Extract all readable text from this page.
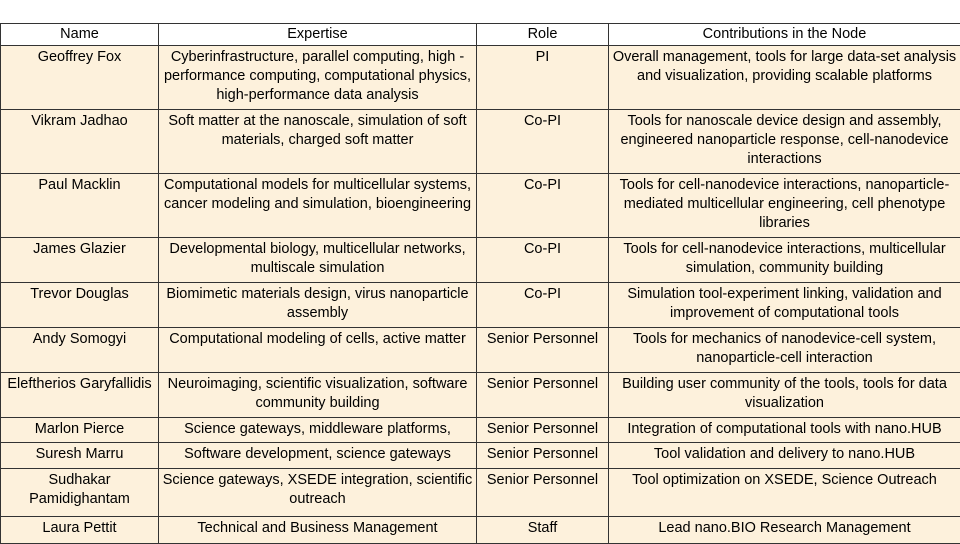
Name	Expertise	Role	Contributions in the Node
Geoffrey Fox	Cyberinfrastructure, parallel computing, high -performance computing, computational physics, high-performance data analysis	PI	Overall management, tools for large data-set analysis and visualization, providing scalable platforms
Vikram Jadhao	Soft matter at the nanoscale, simulation of soft materials, charged soft matter	Co-PI	Tools for nanoscale device design and assembly, engineered nanoparticle response, cell-nanodevice interactions
Paul Macklin	Computational models for multicellular systems, cancer modeling and simulation, bioengineering	Co-PI	Tools for cell-nanodevice interactions, nanoparticle-mediated multicellular engineering, cell phenotype libraries
James Glazier	Developmental biology, multicellular networks, multiscale simulation	Co-PI	Tools for cell-nanodevice interactions, multicellular simulation, community building
Trevor Douglas	Biomimetic materials design, virus nanoparticle assembly	Co-PI	Simulation tool-experiment linking, validation and improvement of computational tools
Andy Somogyi	Computational modeling of cells, active matter	Senior Personnel	Tools for mechanics of nanodevice-cell system, nanoparticle-cell interaction
Eleftherios Garyfallidis	Neuroimaging, scientific visualization, software community building	Senior Personnel	Building user community of the tools, tools for data visualization
Marlon Pierce	Science gateways, middleware platforms,	Senior Personnel	Integration of computational tools with nano.HUB
Suresh Marru	Software development, science gateways	Senior Personnel	Tool validation and delivery to nano.HUB
Sudhakar Pamidighantam	Science gateways, XSEDE integration, scientific outreach	Senior Personnel	Tool optimization on XSEDE, Science Outreach
Laura Pettit	Technical and Business Management	Staff	Lead nano.BIO Research Management
